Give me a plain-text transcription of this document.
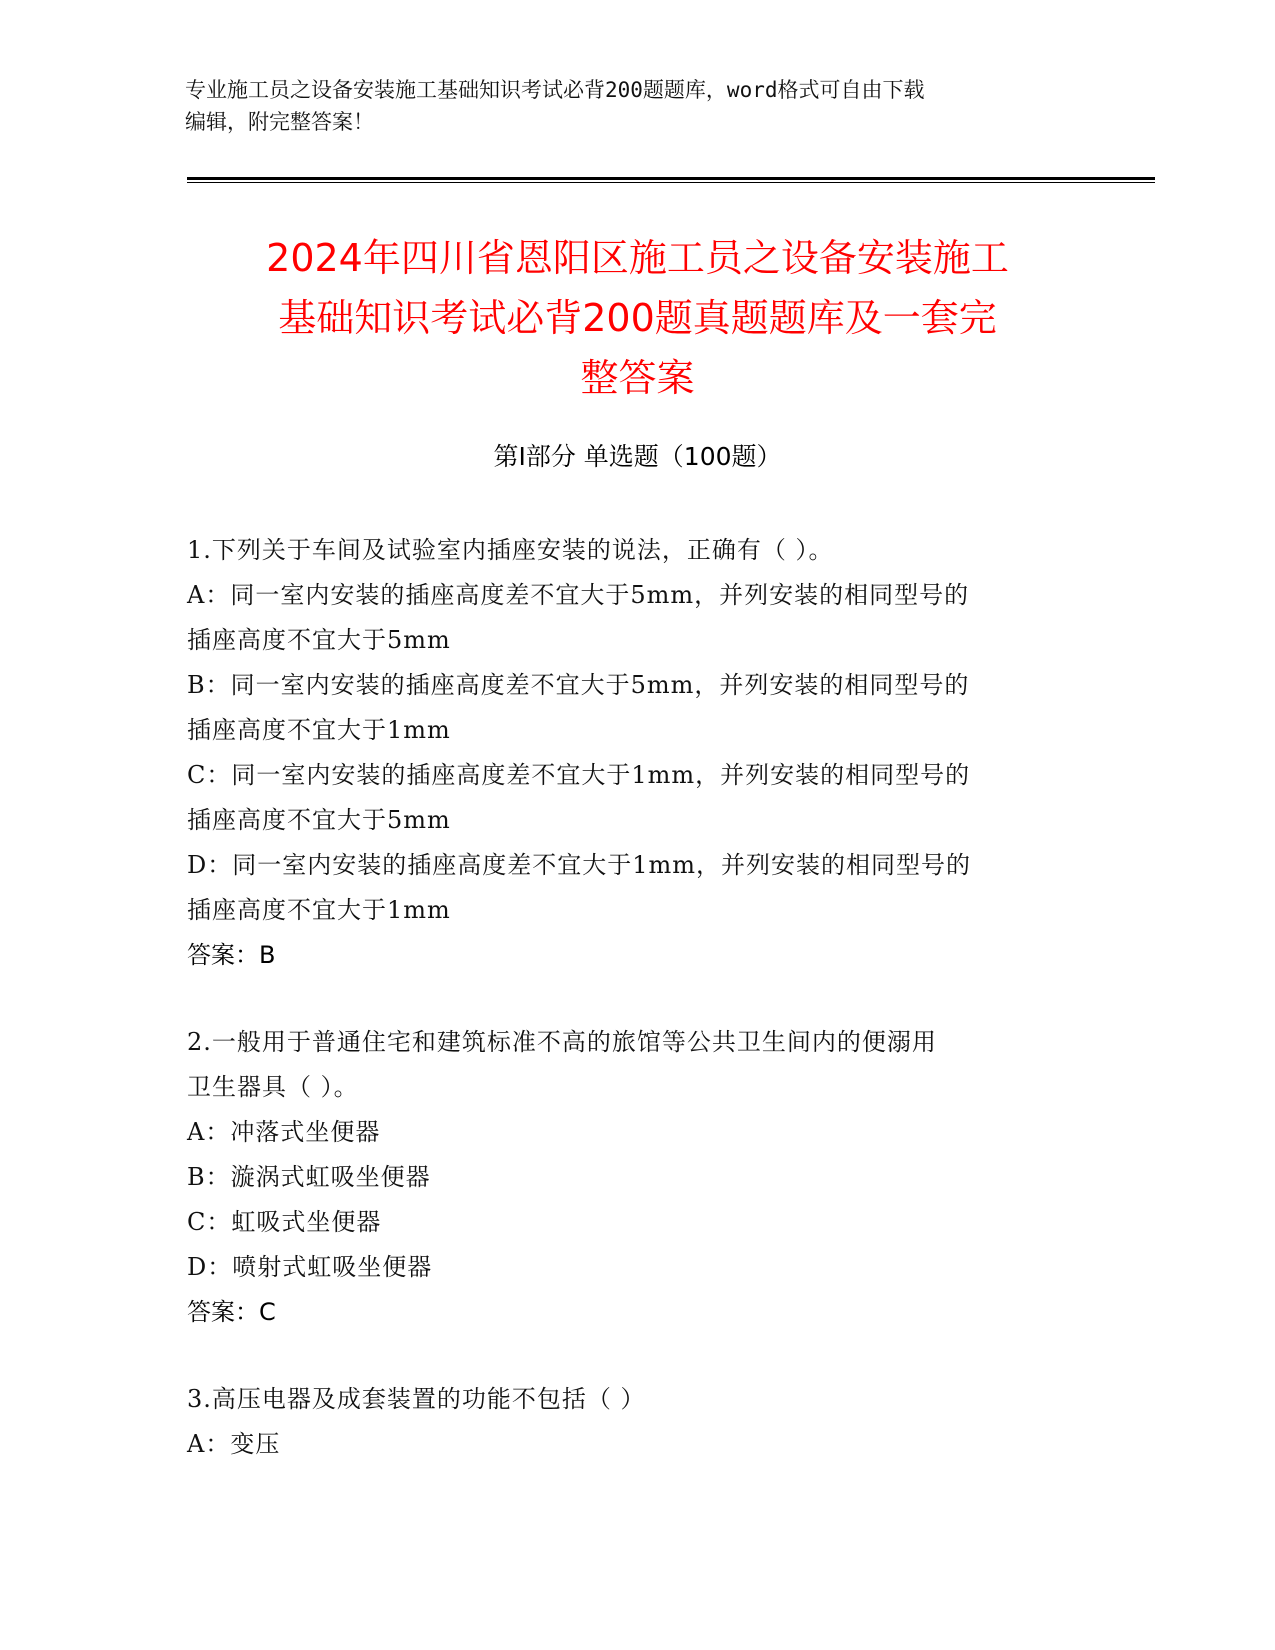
专业施工员之设备安装施工基础知识考试必背200题题库，word格式可自由下载
编辑，附完整答案！
2024年四川省恩阳区施工员之设备安装施工
基础知识考试必背200题真题题库及一套完
整答案
第Ⅰ部分 单选题（100题）

1.下列关于车间及试验室内插座安装的说法，正确有（ ）。

A：同一室内安装的插座高度差不宜大于5mm，并列安装的相同型号的

插座高度不宜大于5mm

B：同一室内安装的插座高度差不宜大于5mm，并列安装的相同型号的

插座高度不宜大于1mm

C：同一室内安装的插座高度差不宜大于1mm，并列安装的相同型号的

插座高度不宜大于5mm

D：同一室内安装的插座高度差不宜大于1mm，并列安装的相同型号的

插座高度不宜大于1mm

答案：B

2.一般用于普通住宅和建筑标准不高的旅馆等公共卫生间内的便溺用

卫生器具（ ）。

A：冲落式坐便器

B：漩涡式虹吸坐便器

C：虹吸式坐便器

D：喷射式虹吸坐便器

答案：C

3.高压电器及成套装置的功能不包括（ ）

A：变压
